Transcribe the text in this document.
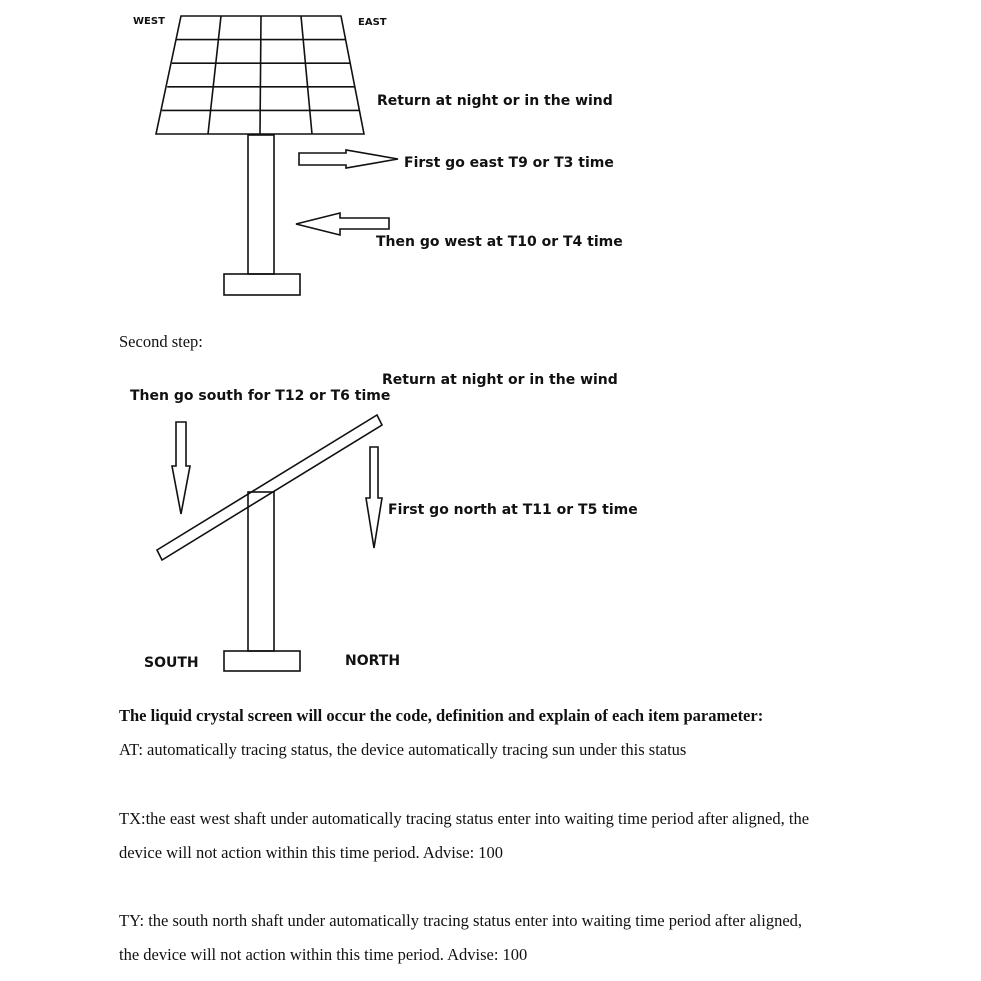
WEST	EAST
Return at night or in the wind
First go east T9 or T3 time
Then go west at T10 or T4 time
Second step:
Return at night or in the wind
Then go south for T12 or T6 time
First go north at T11 or T5 time
SOUTH	NORTH
The liquid crystal screen will occur the code, definition and explain of each item parameter:
AT: automatically tracing status, the device automatically tracing sun under this status
TX:the east west shaft under automatically tracing status enter into waiting time period after aligned, the
device will not action within this time period. Advise: 100
TY: the south north shaft under automatically tracing status enter into waiting time period after aligned,
the device will not action within this time period. Advise: 100
